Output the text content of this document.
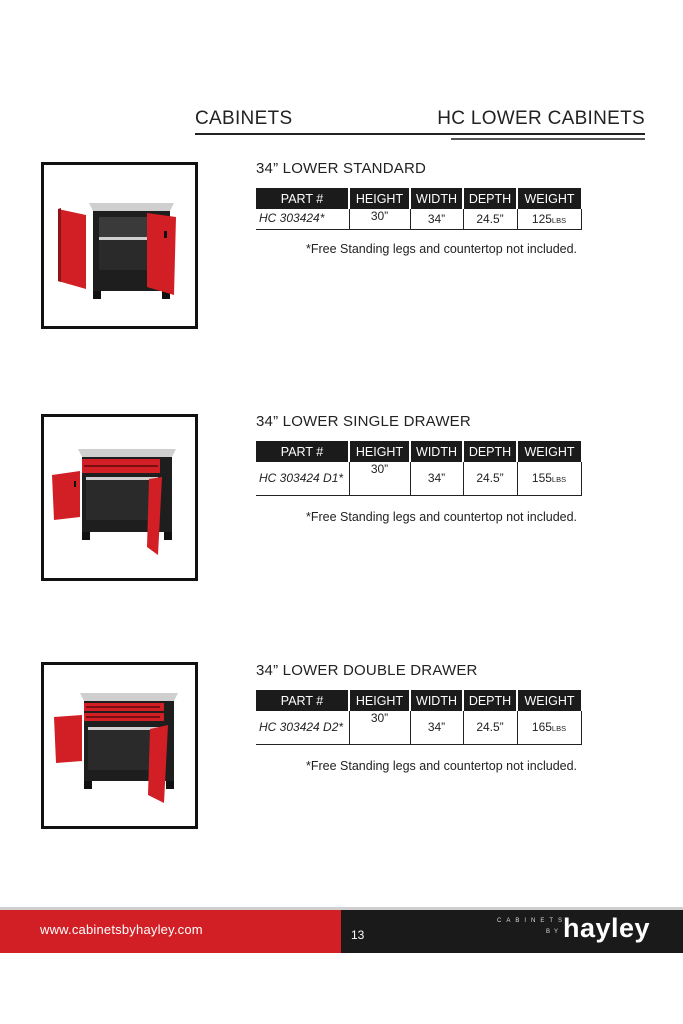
CABINETS	HC LOWER CABINETS
34” LOWER STANDARD
PART #	HEIGHT	WIDTH	DEPTH	WEIGHT
HC 303424*	30”	34”	24.5”	125LBS
*Free Standing legs and countertop not included.
34” LOWER SINGLE DRAWER
PART #	HEIGHT	WIDTH	DEPTH	WEIGHT
HC 303424 D1*	30”	34”	24.5”	155LBS
*Free Standing legs and countertop not included.
34” LOWER DOUBLE DRAWER
PART #	HEIGHT	WIDTH	DEPTH	WEIGHT
HC 303424 D2*	30”	34”	24.5”	165LBS
*Free Standing legs and countertop not included.
www.cabinetsbyhayley.com	13
CABINETS
BY hayley
